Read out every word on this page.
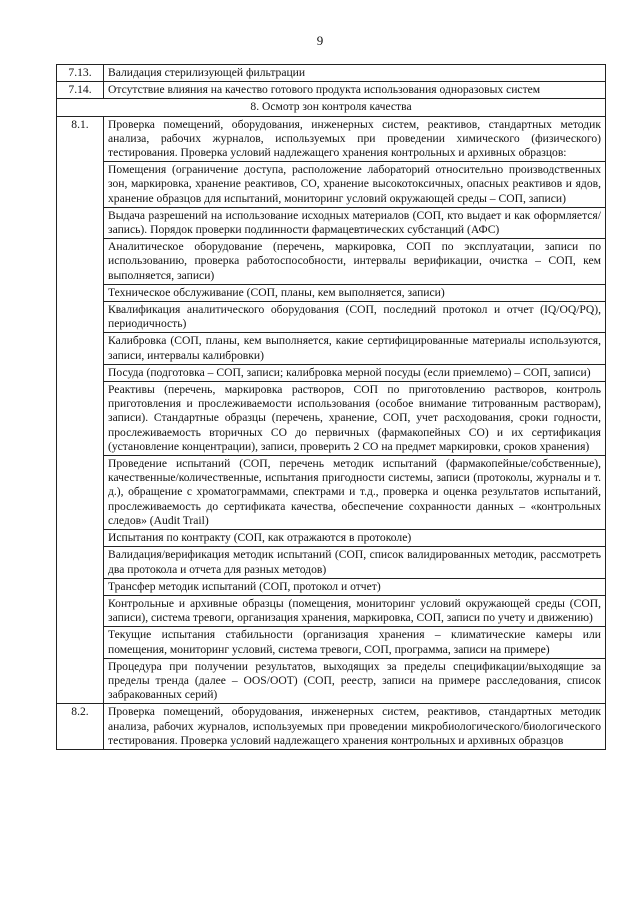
9
7.13.	Валидация стерилизующей фильтрации
7.14.	Отсутствие влияния на качество готового продукта использования одноразовых систем
8. Осмотр зон контроля качества	
8.1.	Проверка помещений, оборудования, инженерных систем, реактивов, стандартных методик анализа, рабочих журналов, используемых при проведении химического (физического) тестирования. Проверка условий надлежащего хранения контрольных и архивных образцов:
	Помещения (ограничение доступа, расположение лабораторий относительно производственных зон, маркировка, хранение реактивов, СО, хранение высокотоксичных, опасных реактивов и ядов, хранение образцов для испытаний, мониторинг условий окружающей среды – СОП, записи)
	Выдача разрешений на использование исходных материалов (СОП, кто выдает и как оформляется/запись). Порядок проверки подлинности фармацевтических субстанций (АФС)
	Аналитическое оборудование (перечень, маркировка, СОП по эксплуатации, записи по использованию, проверка работоспособности, интервалы верификации, очистка – СОП, кем выполняется, записи)
	Техническое обслуживание (СОП, планы, кем выполняется, записи)
	Квалификация аналитического оборудования (СОП, последний протокол и отчет (IQ/OQ/PQ), периодичность)
	Калибровка (СОП, планы, кем выполняется, какие сертифицированные материалы используются, записи, интервалы калибровки)
	Посуда (подготовка – СОП, записи; калибровка мерной посуды (если приемлемо) – СОП, записи)
	Реактивы (перечень, маркировка растворов, СОП по приготовлению растворов, контроль приготовления и прослеживаемости использования (особое внимание титрованным растворам), записи). Стандартные образцы (перечень, хранение, СОП, учет расходования, сроки годности, прослеживаемость вторичных СО до первичных (фармакопейных СО) и их сертификация (установление концентрации), записи, проверить 2 СО на предмет маркировки, сроков хранения)
	Проведение испытаний (СОП, перечень методик испытаний (фармакопейные/собственные), качественные/количественные, испытания пригодности системы, записи (протоколы, журналы и т. д.), обращение с хроматограммами, спектрами и т.д., проверка и оценка результатов испытаний, прослеживаемость до сертификата качества, обеспечение сохранности данных – «контрольных следов» (Audit Trail)
	Испытания по контракту (СОП, как отражаются в протоколе)
	Валидация/верификация методик испытаний (СОП, список валидированных методик, рассмотреть два протокола и отчета для разных методов)
	Трансфер методик испытаний (СОП, протокол и отчет)
	Контрольные и архивные образцы (помещения, мониторинг условий окружающей среды (СОП, записи), система тревоги, организация хранения, маркировка, СОП, записи по учету и движению)
	Текущие испытания стабильности (организация хранения – климатические камеры или помещения, мониторинг условий, система тревоги, СОП, программа, записи на примере)
	Процедура при получении результатов, выходящих за пределы спецификации/выходящие за пределы тренда (далее – OOS/OOT) (СОП, реестр, записи на примере расследования, список забракованных серий)
8.2.	Проверка помещений, оборудования, инженерных систем, реактивов, стандартных методик анализа, рабочих журналов, используемых при проведении микробиологического/биологического тестирования. Проверка условий надлежащего хранения контрольных и архивных образцов
